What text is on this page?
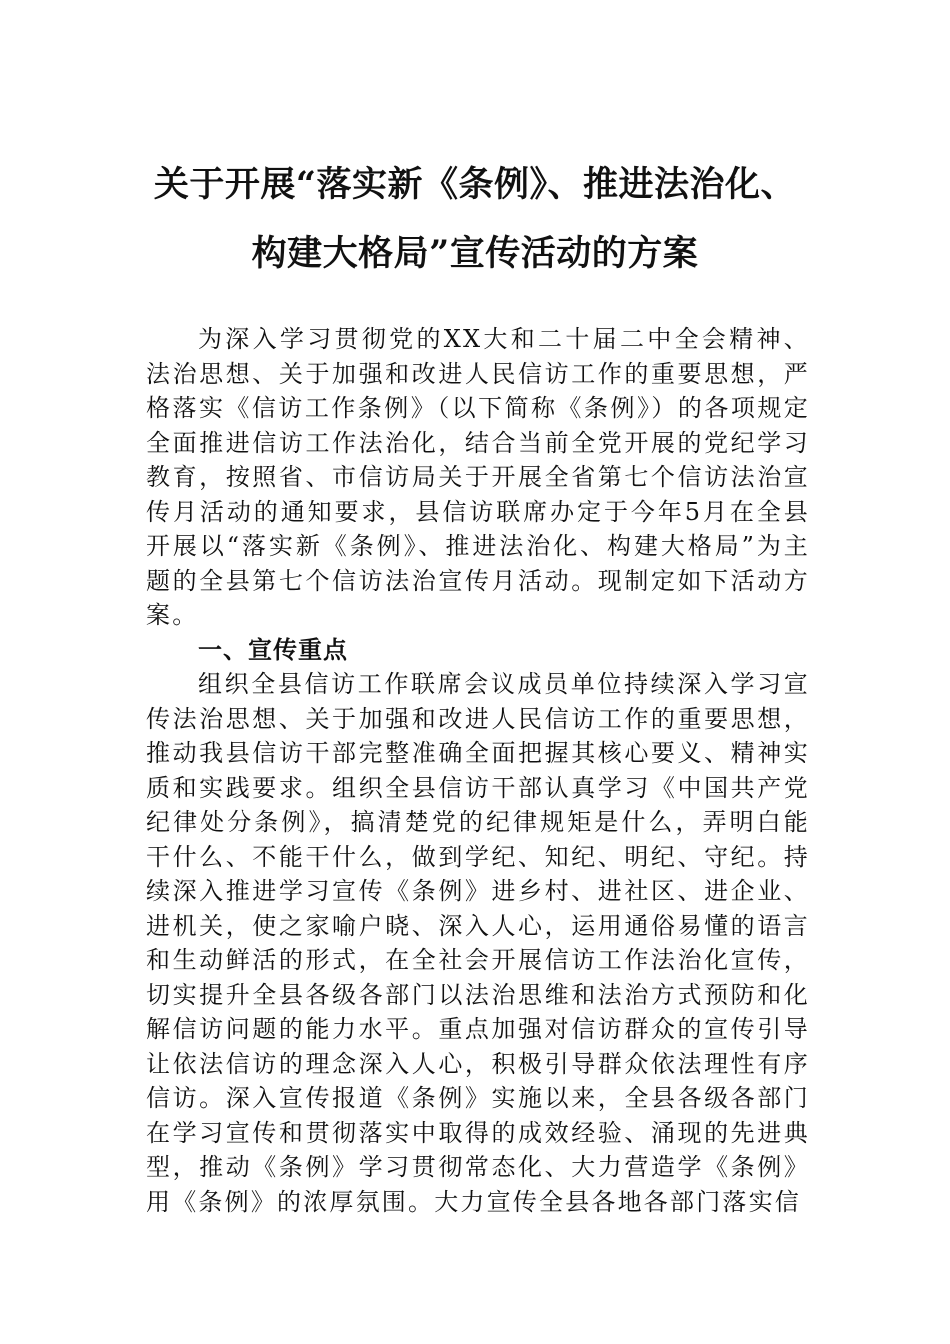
关于开展“落实新《条例》、推进法治化、
构建大格局”宣传活动的方案

为深入学习贯彻党的XX大和二十届二中全会精神、法治思想、关于加强和改进人民信访工作的重要思想，严格落实《信访工作条例》（以下简称《条例》）的各项规定全面推进信访工作法治化，结合当前全党开展的党纪学习教育，按照省、市信访局关于开展全省第七个信访法治宣传月活动的通知要求，县信访联席办定于今年5月在全县开展以“落实新《条例》、推进法治化、构建大格局”为主题的全县第七个信访法治宣传月活动。现制定如下活动方案。

一、宣传重点

组织全县信访工作联席会议成员单位持续深入学习宣传法治思想、关于加强和改进人民信访工作的重要思想，推动我县信访干部完整准确全面把握其核心要义、精神实质和实践要求。组织全县信访干部认真学习《中国共产党纪律处分条例》，搞清楚党的纪律规矩是什么，弄明白能干什么、不能干什么，做到学纪、知纪、明纪、守纪。持续深入推进学习宣传《条例》进乡村、进社区、进企业、进机关，使之家喻户晓、深入人心，运用通俗易懂的语言和生动鲜活的形式，在全社会开展信访工作法治化宣传，切实提升全县各级各部门以法治思维和法治方式预防和化解信访问题的能力水平。重点加强对信访群众的宣传引导让依法信访的理念深入人心，积极引导群众依法理性有序信访。深入宣传报道《条例》实施以来，全县各级各部门在学习宣传和贯彻落实中取得的成效经验、涌现的先进典型，推动《条例》学习贯彻常态化、大力营造学《条例》用《条例》的浓厚氛围。大力宣传全县各地各部门落实信
